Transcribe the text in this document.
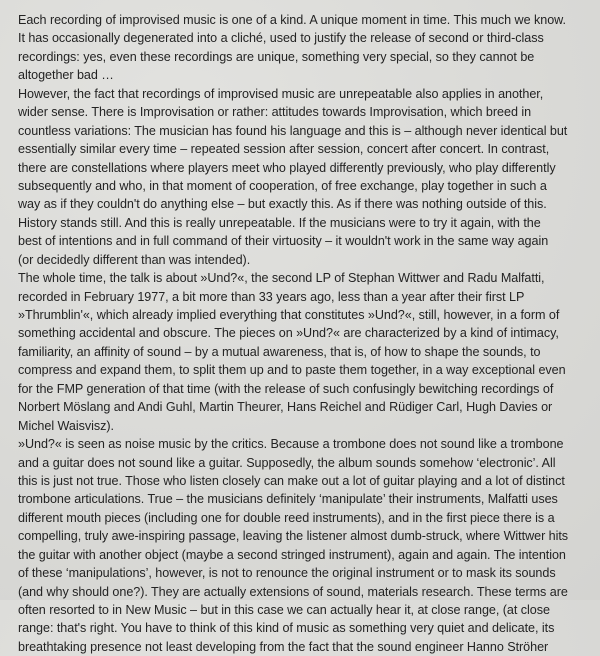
Each recording of improvised music is one of a kind. A unique moment in time. This much we know.
It has occasionally degenerated into a cliché, used to justify the release of second or third-class
recordings: yes, even these recordings are unique, something very special, so they cannot be
altogether bad …
However, the fact that recordings of improvised music are unrepeatable also applies in another,
wider sense. There is Improvisation or rather: attitudes towards Improvisation, which breed in
countless variations: The musician has found his language and this is – although never identical but
essentially similar every time – repeated session after session, concert after concert. In contrast,
there are constellations where players meet who played differently previously, who play differently
subsequently and who, in that moment of cooperation, of free exchange, play together in such a
way as if they couldn't do anything else – but exactly this. As if there was nothing outside of this.
History stands still. And this is really unrepeatable. If the musicians were to try it again, with the
best of intentions and in full command of their virtuosity – it wouldn't work in the same way again
(or decidedly different than was intended).
The whole time, the talk is about »Und?«, the second LP of Stephan Wittwer and Radu Malfatti,
recorded in February 1977, a bit more than 33 years ago, less than a year after their first LP
»Thrumblin'«, which already implied everything that constitutes »Und?«, still, however, in a form of
something accidental and obscure. The pieces on »Und?« are characterized by a kind of intimacy,
familiarity, an affinity of sound – by a mutual awareness, that is, of how to shape the sounds, to
compress and expand them, to split them up and to paste them together, in a way exceptional even
for the FMP generation of that time (with the release of such confusingly bewitching recordings of
Norbert Möslang and Andi Guhl, Martin Theurer, Hans Reichel and Rüdiger Carl, Hugh Davies or
Michel Waisvisz).
»Und?« is seen as noise music by the critics. Because a trombone does not sound like a trombone
and a guitar does not sound like a guitar. Supposedly, the album sounds somehow ‘electronic’. All
this is just not true. Those who listen closely can make out a lot of guitar playing and a lot of distinct
trombone articulations. True – the musicians definitely ‘manipulate’ their instruments, Malfatti uses
different mouth pieces (including one for double reed instruments), and in the first piece there is a
compelling, truly awe-inspiring passage, leaving the listener almost dumb-struck, where Wittwer hits
the guitar with another object (maybe a second stringed instrument), again and again. The intention
of these ‘manipulations’, however, is not to renounce the original instrument or to mask its sounds
(and why should one?). They are actually extensions of sound, materials research. These terms are
often resorted to in New Music – but in this case we can actually hear it, at close range, (at close
range: that's right. You have to think of this kind of music as something very quiet and delicate, its
breathtaking presence not least developing from the fact that the sound engineer Hanno Ströher
